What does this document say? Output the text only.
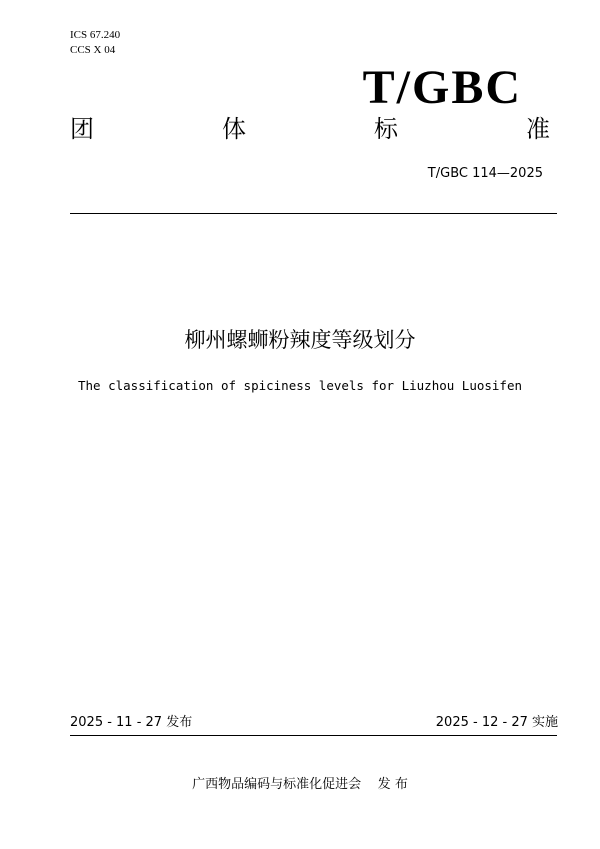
ICS 67.240
CCS X 04
T/GBC
团	体	标	准
T/GBC 114—2025
柳州螺蛳粉辣度等级划分
The classification of spiciness levels for Liuzhou Luosifen
2025 - 11 - 27 发布	2025 - 12 - 27 实施
广西物品编码与标准化促进会    发 布
